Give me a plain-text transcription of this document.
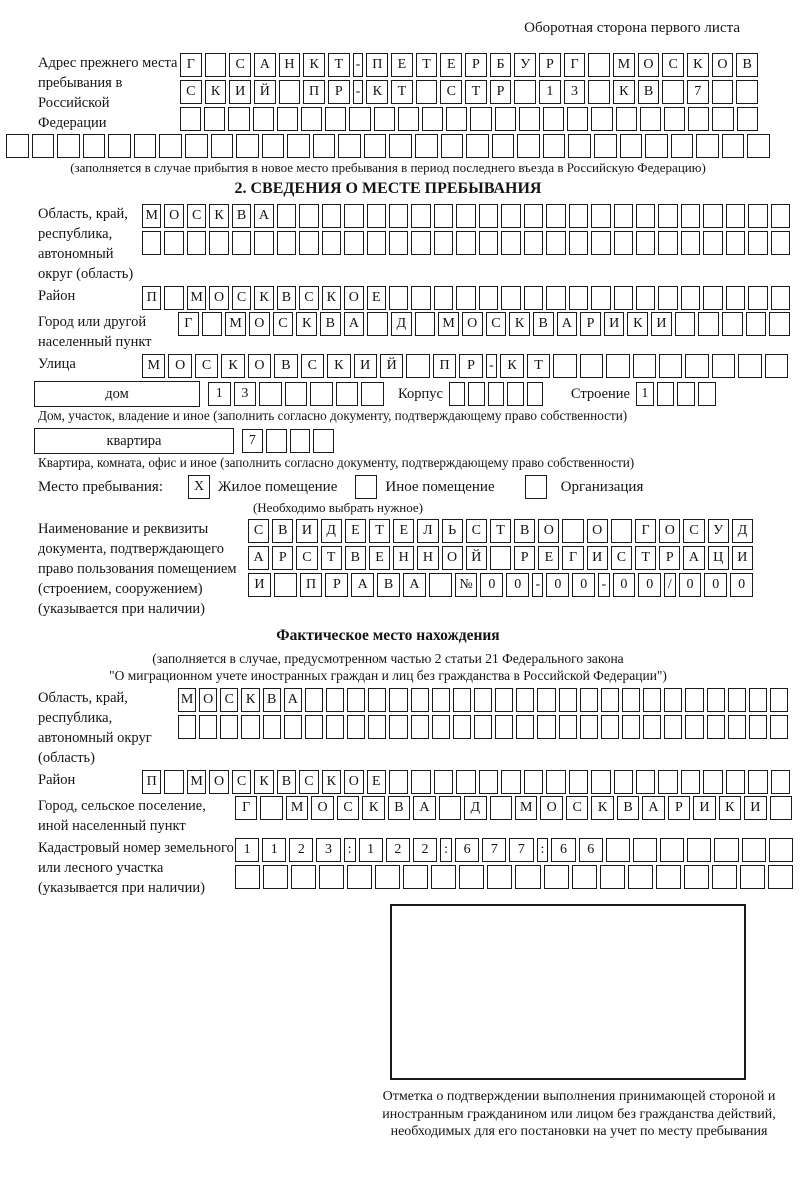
Оборотная сторона первого листа
Адрес прежнего места пребывания в Российской Федерации
Г	С	А	Н	К	Т - П	Е	Т	Е	Р	Б	У	Р	Г	М О	С	К	О	В
С	К	И	Й	П	Р - К	Т	С	Т	Р	1	3	К	В	7
(заполняется в случае прибытия в новое место пребывания в период последнего въезда в Российскую Федерацию)
2. СВЕДЕНИЯ О МЕСТЕ ПРЕБЫВАНИЯ
Область, край, республика, автономный округ (область)
М О С К В А
Район	П	М О С К В С К О Е
Город или другой населенный пункт
Г	М О С	К	В А	Д	М О С	К	В А	Р	И К И
Улица	М	О	С	К	О	В	С	К	И	Й	П	Р	- К	Т
дом	1	3	Корпус	Строение 1
Дом, участок, владение и иное (заполнить согласно документу, подтверждающему право собственности)
квартира	7
Квартира, комната, офис и иное (заполнить согласно документу, подтверждающему право собственности)
Место пребывания:	X Жилое помещение	Иное помещение	Организация
(Необходимо выбрать нужное)
Наименование и реквизиты документа, подтверждающего право пользования помещением (строением, сооружением) (указывается при наличии)
С	В	И	Д	Е	Т	Е	Л	Ь	С	Т	В	О	О	Г	О	С	У	Д
А	Р	С	Т	В	Е	Н	Н	О	Й	Р	Е	Г	И	С	Т	Р	А	Ц	И
И	П	Р	А	В	А	№	0	0	-	0	0	-	0	0	/	0	0	0
Фактическое место нахождения
(заполняется в случае, предусмотренном частью 2 статьи 21 Федерального закона
"О миграционном учете иностранных граждан и лиц без гражданства в Российской Федерации")
Область, край, республика, автономный округ (область)
М О С К В А
Район	П	М О С К В С К О Е
Город, сельское поселение, иной населенный пункт
Г	М	О	С	К	В	А	Д	М	О	С	К	В	А	Р	И	К	И
Кадастровый номер земельного или лесного участка (указывается при наличии)
1	1	2	3	:	1	2	2	:	6	7	7	:	6	6
Отметка о подтверждении выполнения принимающей стороной и иностранным гражданином или лицом без гражданства действий, необходимых для его постановки на учет по месту пребывания
